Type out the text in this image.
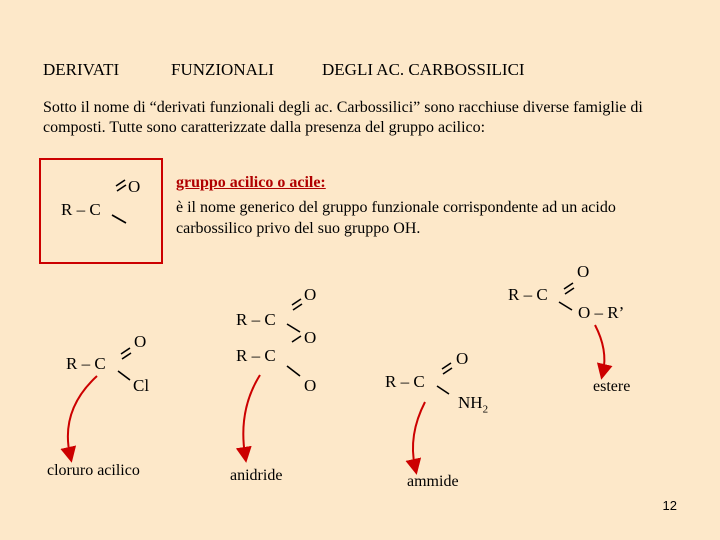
DERIVATI	FUNZIONALI	DEGLI AC. CARBOSSILICI
Sotto il nome di “derivati funzionali degli ac. Carbossilici” sono racchiuse diverse famiglie di composti. Tutte sono caratterizzate dalla presenza del gruppo acilico:
R – C
O gruppo acilico o acile:
è il nome generico del gruppo funzionale corrispondente ad un acido carbossilico privo del suo gruppo OH.
R – C
O
Cl
cloruro acilico
R – C
O
O
R – C
O
anidride
R – C
O
$NH_2$
ammide
R – C
O
O – R’
estere
12
